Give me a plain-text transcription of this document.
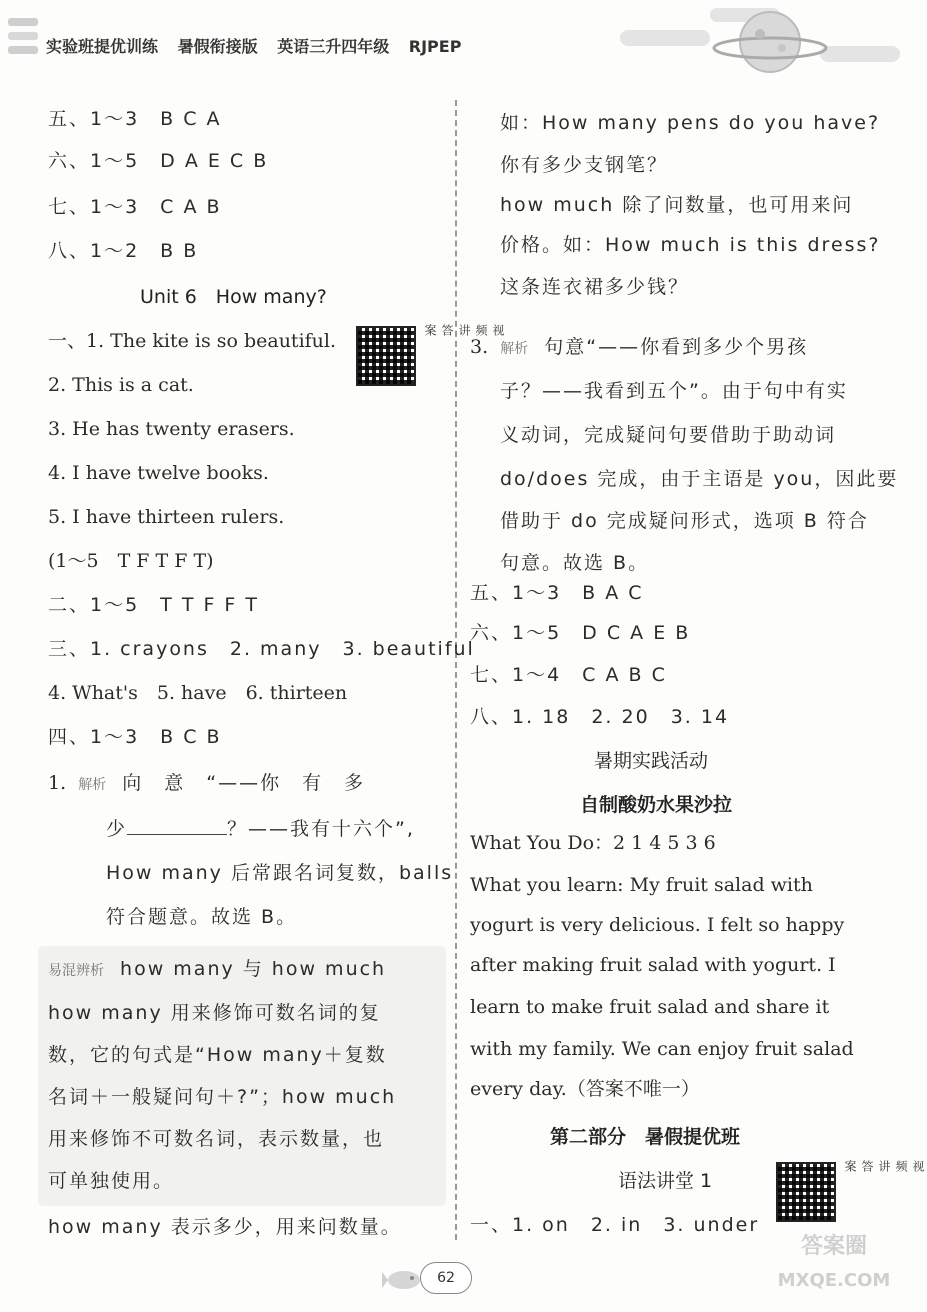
实验班提优训练 暑假衔接版 英语三升四年级 RJPEP
五、1～3　B C A
六、1～5　D A E C B
七、1～3　C A B
八、1～2　B B
Unit 6　How many?
视频讲答案
一、1. The kite is so beautiful.
2. This is a cat.
3. He has twenty erasers.
4. I have twelve books.
5. I have thirteen rulers.
(1～5　T F T F T)
二、1～5　T T F F T
三、1. crayons　2. many　3. beautiful
4. What's　5. have　6. thirteen
四、1～3　B C B
1. 解析 向　意　“——你　有　多
少	？——我有十六个”,
How many 后常跟名词复数，balls
符合题意。故选 B。
易混辨析 how many 与 how much
how many 用来修饰可数名词的复
数，它的句式是“How many＋复数
名词＋一般疑问句＋?”；how much
用来修饰不可数名词，表示数量，也
可单独使用。
how many 表示多少，用来问数量。
如：How many pens do you have?
你有多少支钢笔？
how much 除了问数量，也可用来问
价格。如：How much is this dress?
这条连衣裙多少钱？
3. 解析 句意“——你看到多少个男孩
子？——我看到五个”。由于句中有实
义动词，完成疑问句要借助于助动词
do/does 完成，由于主语是 you，因此要
借助于 do 完成疑问形式，选项 B 符合
句意。故选 B。
五、1～3　B A C
六、1～5　D C A E B
七、1～4　C A B C
八、1. 18　2. 20　3. 14
暑期实践活动
自制酸奶水果沙拉
What You Do：2 1 4 5 3 6
What you learn: My fruit salad with
yogurt is very delicious. I felt so happy
after making fruit salad with yogurt. I
learn to make fruit salad and share it
with my family. We can enjoy fruit salad
every day.（答案不唯一）
第二部分　暑假提优班
语法讲堂 1
视频讲答案
一、1. on　2. in　3. under
62
答案圈
MXQE.COM
